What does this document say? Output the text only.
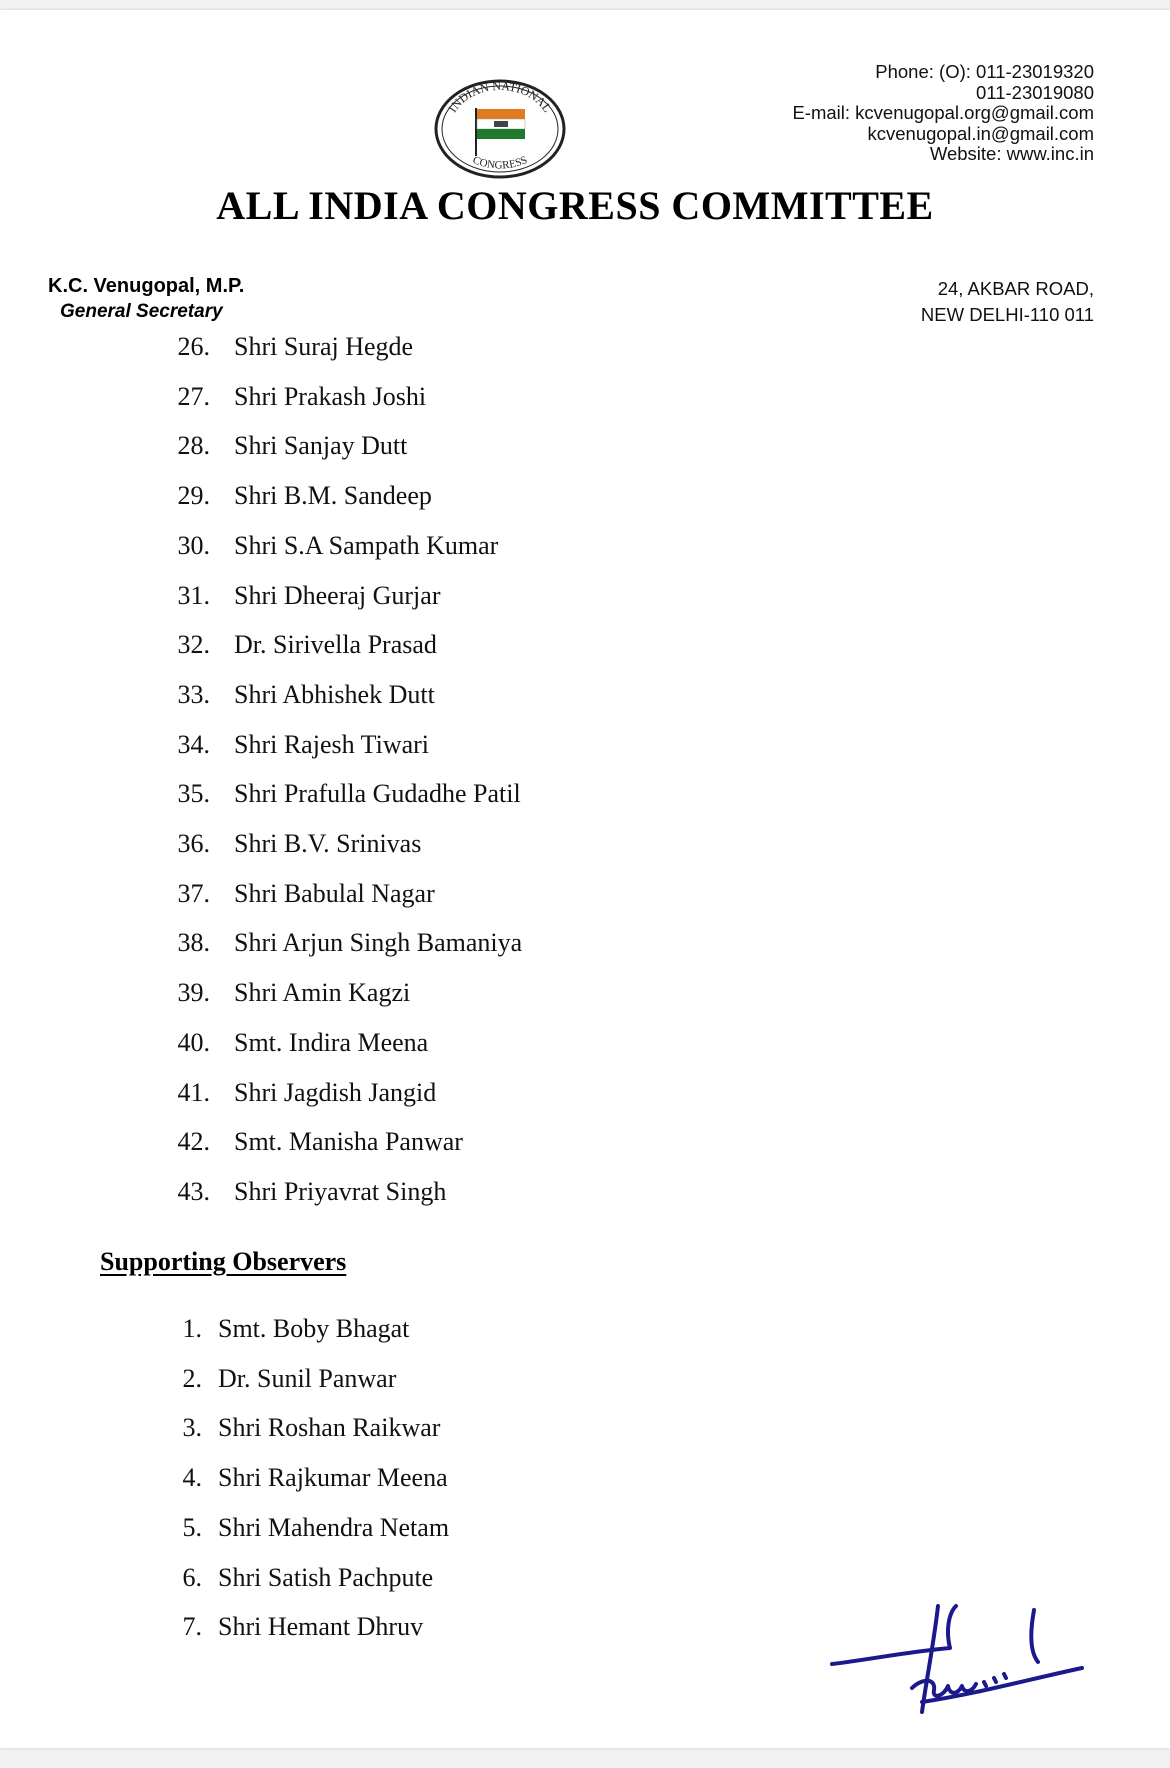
Phone: (O): 011-23019320
011-23019080
E-mail: kcvenugopal.org@gmail.com
kcvenugopal.in@gmail.com
Website: www.inc.in
INDIAN NATIONAL
CONGRESS
ALL INDIA CONGRESS COMMITTEE
K.C. Venugopal, M.P.
General Secretary
24, AKBAR ROAD,
NEW DELHI-110 011
26. Shri Suraj Hegde
27. Shri Prakash Joshi
28. Shri Sanjay Dutt
29. Shri B.M. Sandeep
30. Shri S.A Sampath Kumar
31. Shri Dheeraj Gurjar
32. Dr. Sirivella Prasad
33. Shri Abhishek Dutt
34. Shri Rajesh Tiwari
35. Shri Prafulla Gudadhe Patil
36. Shri B.V. Srinivas
37. Shri Babulal Nagar
38. Shri Arjun Singh Bamaniya
39. Shri Amin Kagzi
40. Smt. Indira Meena
41. Shri Jagdish Jangid
42. Smt. Manisha Panwar
43. Shri Priyavrat Singh
Supporting Observers
1. Smt. Boby Bhagat
2. Dr. Sunil Panwar
3. Shri Roshan Raikwar
4. Shri Rajkumar Meena
5. Shri Mahendra Netam
6. Shri Satish Pachpute
7. Shri Hemant Dhruv
